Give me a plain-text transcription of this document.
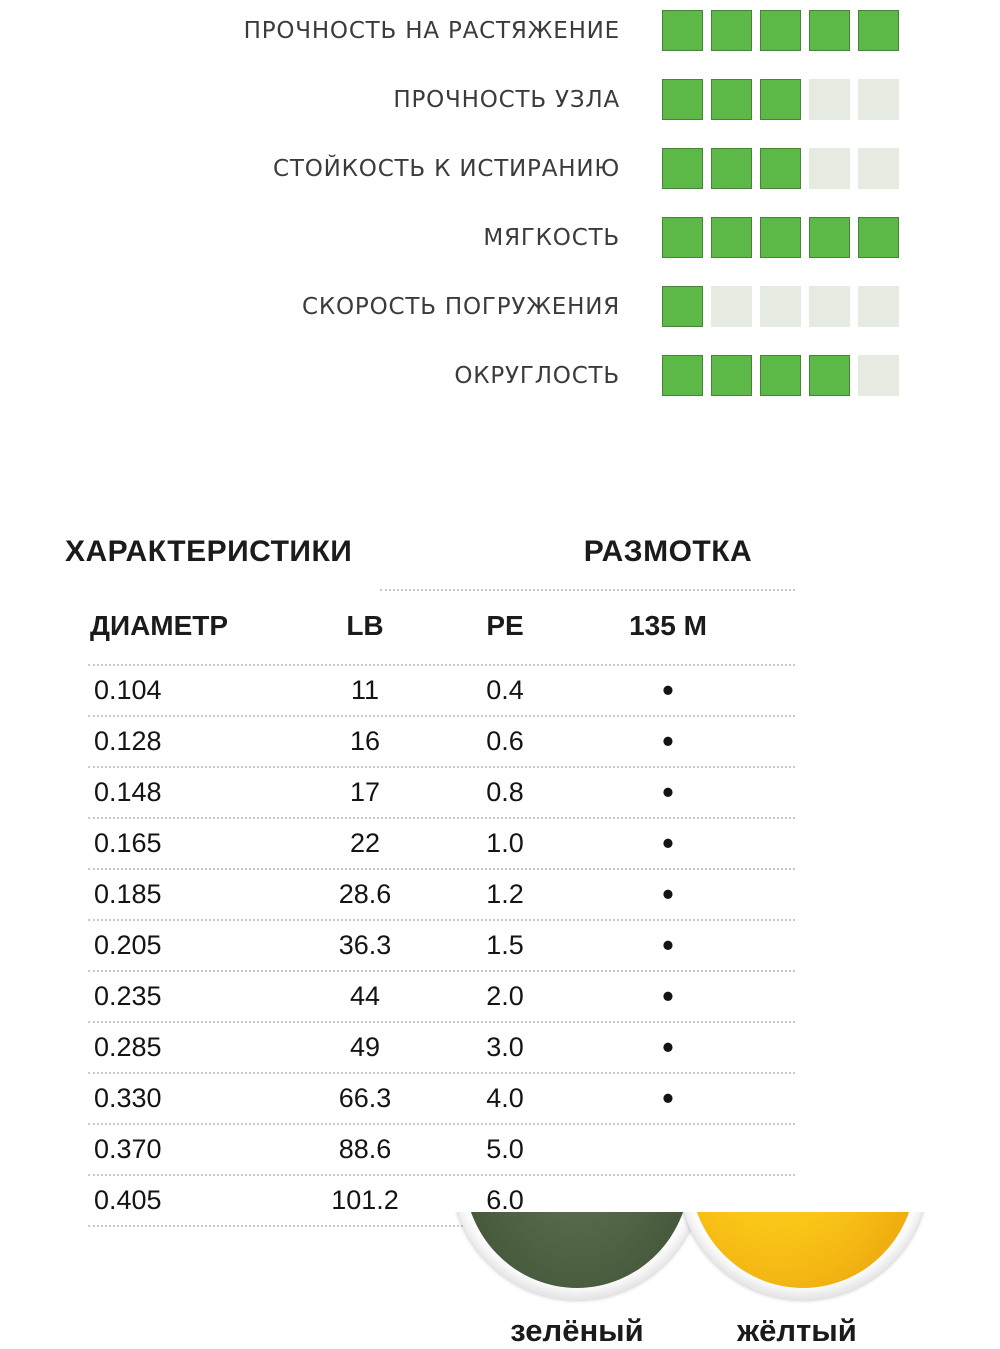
ПРОЧНОСТЬ НА РАСТЯЖЕНИЕ
ПРОЧНОСТЬ УЗЛА
СТОЙКОСТЬ К ИСТИРАНИЮ
МЯГКОСТЬ
СКОРОСТЬ ПОГРУЖЕНИЯ
ОКРУГЛОСТЬ
ХАРАКТЕРИСТИКИ	РАЗМОТКА
ДИАМЕТР	LB	PE	135 M
0.104	11	0.4	•
0.128	16	0.6	•
0.148	17	0.8	•
0.165	22	1.0	•
0.185	28.6	1.2	•
0.205	36.3	1.5	•
0.235	44	2.0	•
0.285	49	3.0	•
0.330	66.3	4.0	•
0.370	88.6	5.0
0.405	101.2	6.0
зелёный	жёлтый
